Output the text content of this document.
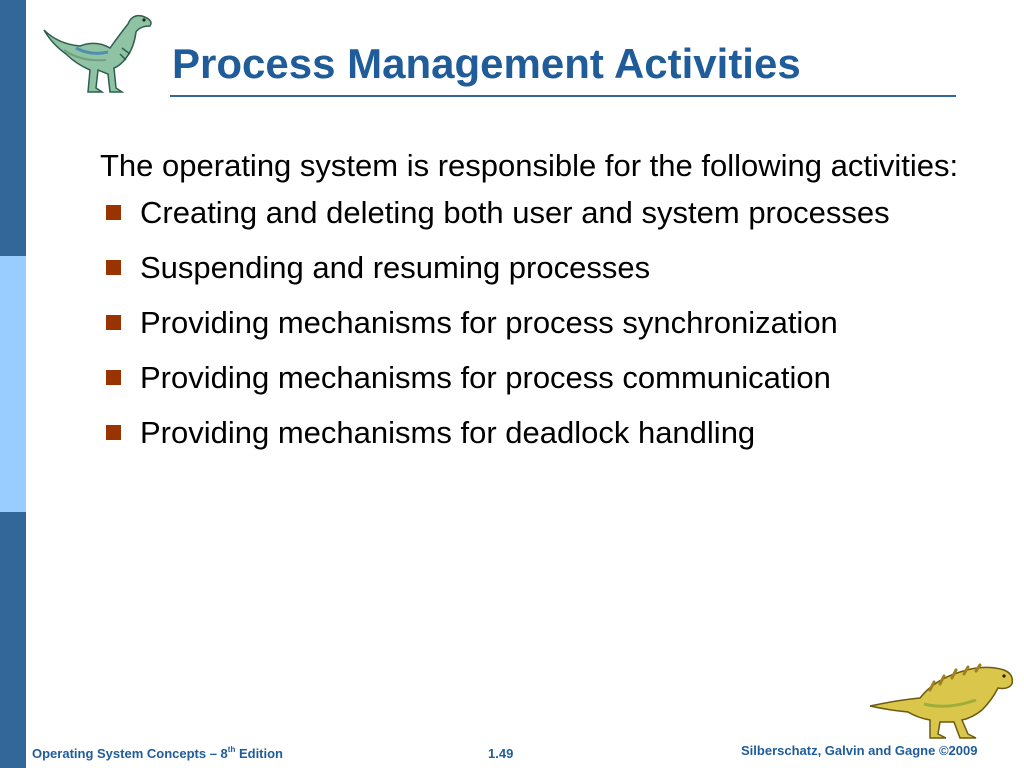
Process Management Activities

The operating system is responsible for the following activities:

Creating and deleting both user and system processes
Suspending and resuming processes
Providing mechanisms for process synchronization
Providing mechanisms for process communication
Providing mechanisms for deadlock handling
Operating System Concepts – 8th Edition	1.49	Silberschatz, Galvin and Gagne ©2009
